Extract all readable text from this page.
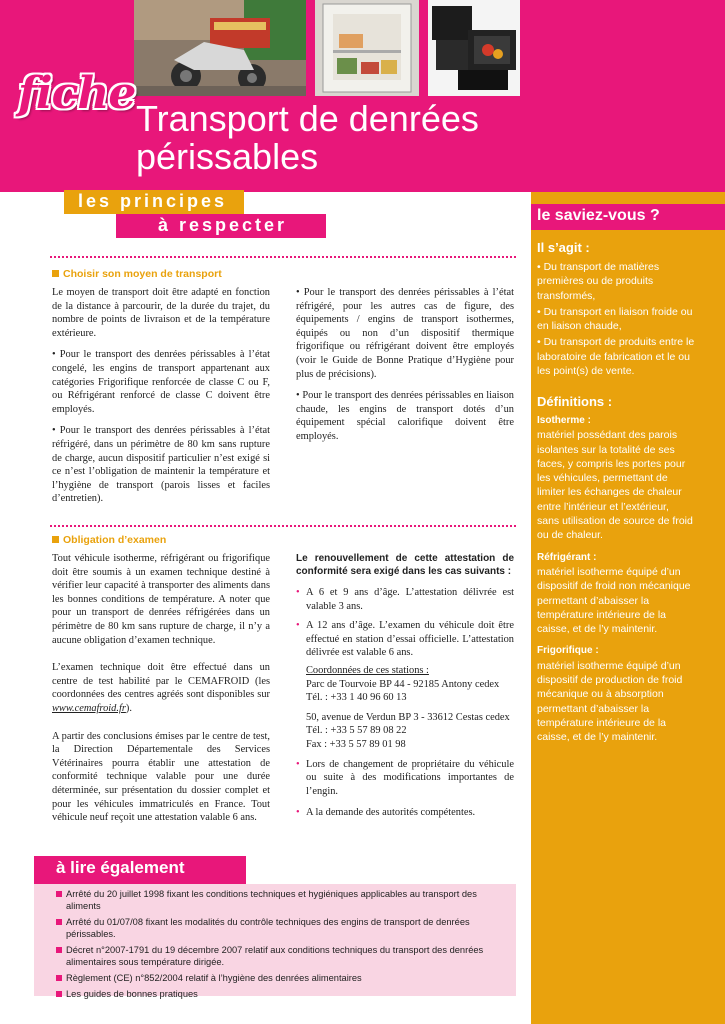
fiche Transport de denrées
périssables
le saviez-vous ?
Il s’agit :

• Du transport de matières premières ou de produits transformés,

• Du transport en liaison froide ou en liaison chaude,

• Du transport de produits entre le laboratoire de fabrication et le ou les point(s) de vente.

Définitions :
Isotherme :

matériel possédant des parois isolantes sur la totalité de ses faces, y compris les portes pour les véhicules, permettant de limiter les échanges de chaleur entre l’intérieur et l’extérieur, sans utilisation de source de froid ou de chaleur.

Réfrigérant :

matériel isotherme équipé d’un dispositif de froid non mécanique permettant d’abaisser la température intérieure de la caisse, et de l’y maintenir.

Frigorifique :

matériel isotherme équipé d’un dispositif de production de froid mécanique ou à absorption permettant d’abaisser la température intérieure de la caisse, et de l’y maintenir.

les principes
à respecter
Choisir son moyen de transport

Le moyen de transport doit être adapté en fonction de la distance à parcourir, de la durée du trajet, du nombre de points de livraison et de la température extérieure.

• Pour le transport des denrées périssables à l’état congelé, les engins de transport appartenant aux catégories Frigorifique renforcée de classe C ou F, ou Réfrigérant renforcé de classe C doivent être employés.

• Pour le transport des denrées périssables à l’état réfrigéré, dans un périmètre de 80 km sans rupture de charge, aucun dispositif particulier n’est exigé si ce n’est l’obligation de maintenir la température et l’hygiène de transport (parois lisses et faciles d’entretien).

• Pour le transport des denrées périssables à l’état réfrigéré, pour les autres cas de figure, des équipements / engins de transport isothermes, équipés ou non d’un dispositif thermique frigorifique ou réfrigérant doivent être employés (voir le Guide de Bonne Pratique d’Hygiène pour plus de précisions).

• Pour le transport des denrées périssables en liaison chaude, les engins de transport dotés d’un équipement spécial calorifique doivent être employés.

Obligation d’examen

Tout véhicule isotherme, réfrigérant ou frigorifique doit être soumis à un examen technique destiné à vérifier leur capacité à transporter des aliments dans les bonnes conditions de température. A noter que pour un transport de denrées réfrigérées dans un périmètre de 80 km sans rupture de charge, il n’y a aucune obligation d’examen technique.

L’examen technique doit être effectué dans un centre de test habilité par le CEMAFROID (les coordonnées des centres agréés sont disponibles sur www.cemafroid.fr).

A partir des conclusions émises par le centre de test, la Direction Départementale des Services Vétérinaires pourra établir une attestation de conformité technique valable pour une durée déterminée, sur présentation du dossier complet et pour les véhicules immatriculés en France. Tout véhicule neuf reçoit une attestation valable 6 ans.

Le renouvellement de cette attestation de conformité sera exigé dans les cas suivants :

• A 6 et 9 ans d’âge. L’attestation délivrée est valable 3 ans.
• A 12 ans d’âge. L’examen du véhicule doit être effectué en station d’essai officielle. L’attestation délivrée est valable 6 ans.
Coordonnées de ces stations :
Parc de Tourvoie BP 44 - 92185 Antony cedex
Tél. : +33 1 40 96 60 13
50, avenue de Verdun BP 3 - 33612 Cestas cedex
Tél. : +33 5 57 89 08 22
Fax : +33 5 57 89 01 98
• Lors de changement de propriétaire du véhicule ou suite à des modifications importantes de l’engin.
• A la demande des autorités compétentes.
à lire également
Arrêté du 20 juillet 1998 fixant les conditions techniques et hygiéniques applicables au transport des aliments
Arrêté du 01/07/08 fixant les modalités du contrôle techniques des engins de transport de denrées périssables.
Décret n°2007-1791 du 19 décembre 2007 relatif aux conditions techniques du transport des denrées alimentaires sous température dirigée.
Règlement (CE) n°852/2004 relatif à l’hygiène des denrées alimentaires
Les guides de bonnes pratiques
